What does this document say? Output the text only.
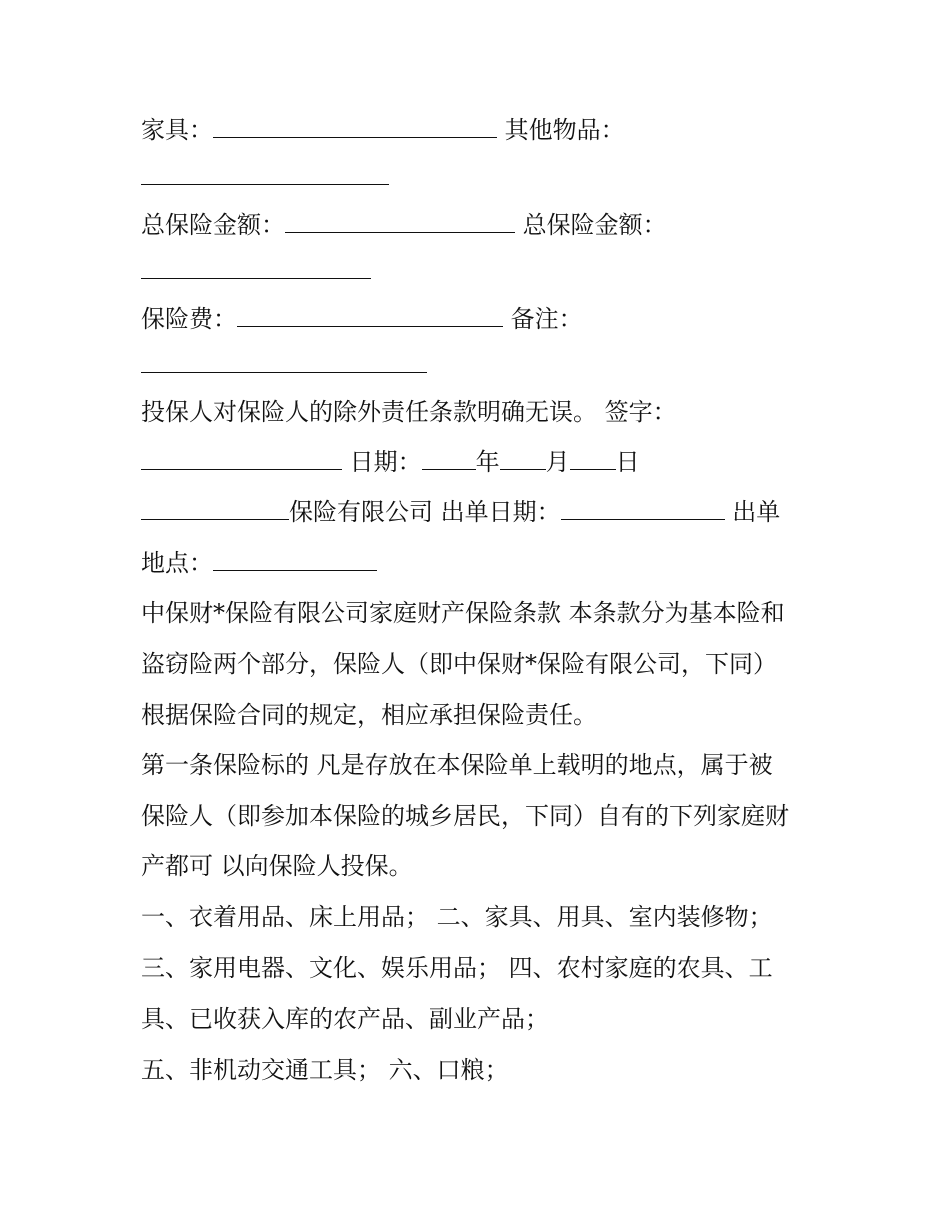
家具：	其他物品：
总保险金额：	总保险金额：
保险费：	备注：
投保人对保险人的除外责任条款明确无误。 签字：
日期： 年 月 日
保险有限公司 出单日期：	出单
地点：
中保财*保险有限公司家庭财产保险条款 本条款分为基本险和
盗窃险两个部分，保险人（即中保财*保险有限公司，下同）
根据保险合同的规定，相应承担保险责任。
第一条保险标的 凡是存放在本保险单上载明的地点，属于被
保险人（即参加本保险的城乡居民，下同）自有的下列家庭财
产都可 以向保险人投保。
一、衣着用品、床上用品； 二、家具、用具、室内装修物；
三、家用电器、文化、娱乐用品； 四、农村家庭的农具、工
具、已收获入库的农产品、副业产品；
五、非机动交通工具； 六、口粮；
